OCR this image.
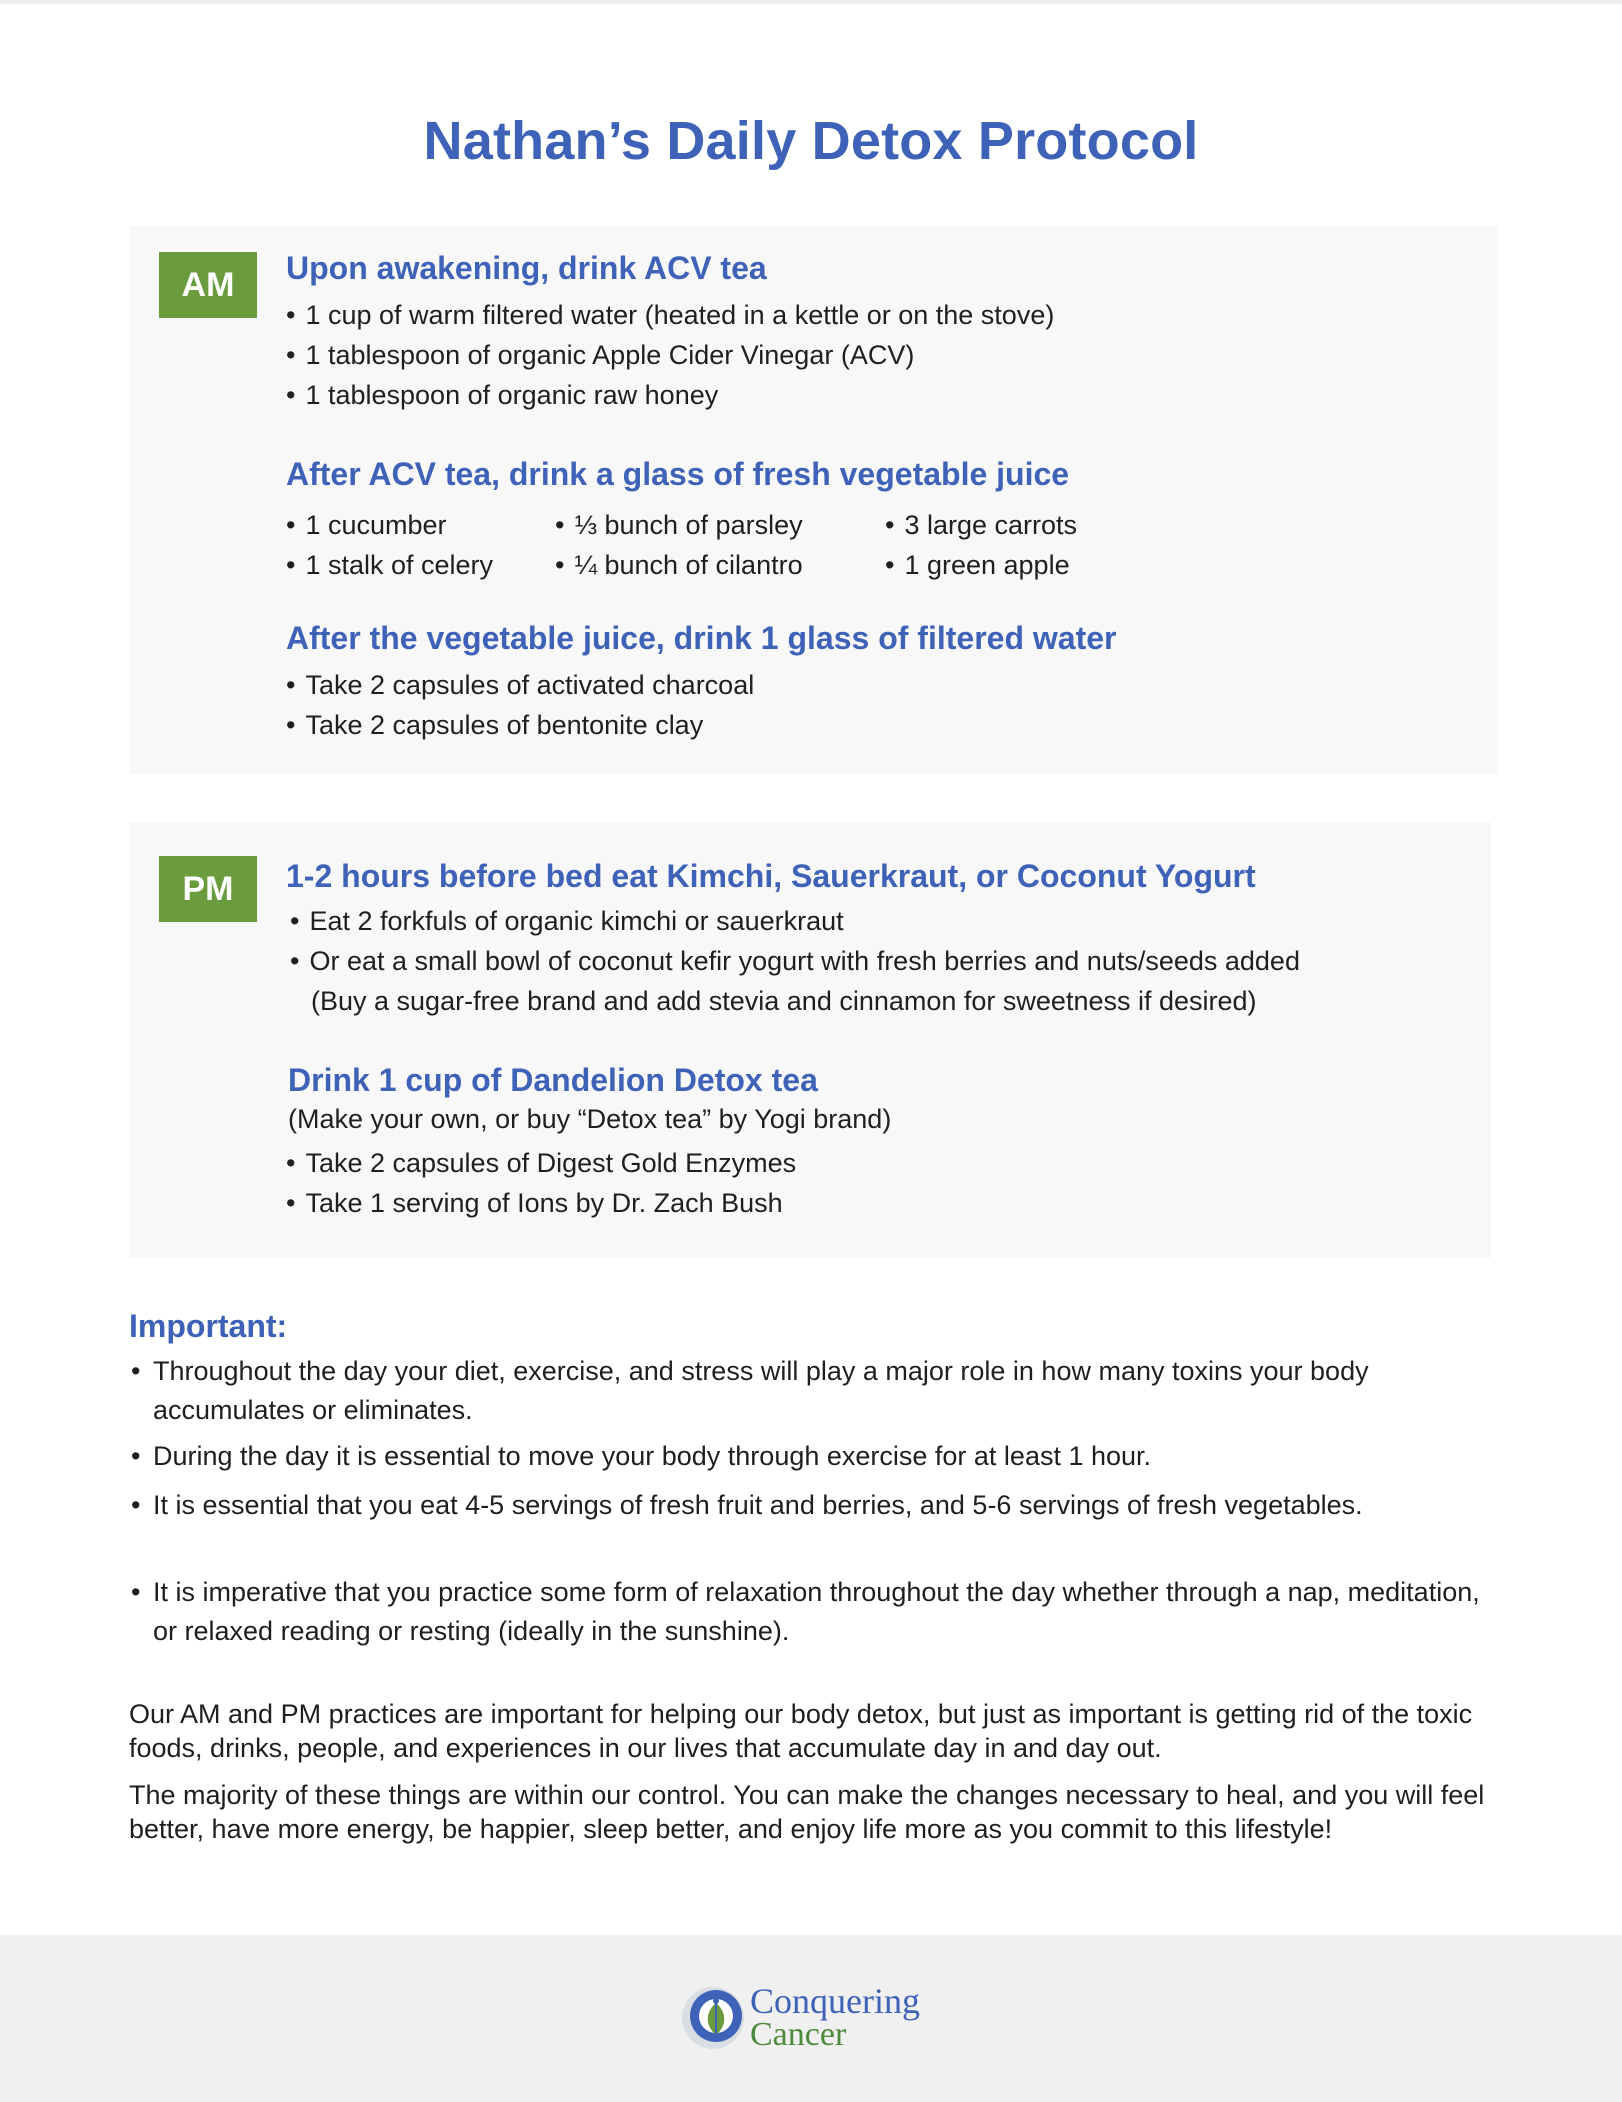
Nathan’s Daily Detox Protocol
AM	Upon awakening, drink ACV tea
• 1 cup of warm filtered water (heated in a kettle or on the stove)
• 1 tablespoon of organic Apple Cider Vinegar (ACV)
• 1 tablespoon of organic raw honey
After ACV tea, drink a glass of fresh vegetable juice
• 1 cucumber	• ⅓ bunch of parsley	• 3 large carrots
• 1 stalk of celery • ¼ bunch of cilantro	• 1 green apple
After the vegetable juice, drink 1 glass of filtered water
• Take 2 capsules of activated charcoal
• Take 2 capsules of bentonite clay
PM	1-2 hours before bed eat Kimchi, Sauerkraut, or Coconut Yogurt
• Eat 2 forkfuls of organic kimchi or sauerkraut
• Or eat a small bowl of coconut kefir yogurt with fresh berries and nuts/seeds added
(Buy a sugar-free brand and add stevia and cinnamon for sweetness if desired)
Drink 1 cup of Dandelion Detox tea
(Make your own, or buy “Detox tea” by Yogi brand)
• Take 2 capsules of Digest Gold Enzymes
• Take 1 serving of Ions by Dr. Zach Bush
Important:
• Throughout the day your diet, exercise, and stress will play a major role in how many toxins your body accumulates or eliminates.
• During the day it is essential to move your body through exercise for at least 1 hour.
• It is essential that you eat 4-5 servings of fresh fruit and berries, and 5-6 servings of fresh vegetables.
• It is imperative that you practice some form of relaxation throughout the day whether through a nap, meditation, or relaxed reading or resting (ideally in the sunshine).
Our AM and PM practices are important for helping our body detox, but just as important is getting rid of the toxic foods, drinks, people, and experiences in our lives that accumulate day in and day out.
The majority of these things are within our control. You can make the changes necessary to heal, and you will feel better, have more energy, be happier, sleep better, and enjoy life more as you commit to this lifestyle!
Conquering
Cancer
